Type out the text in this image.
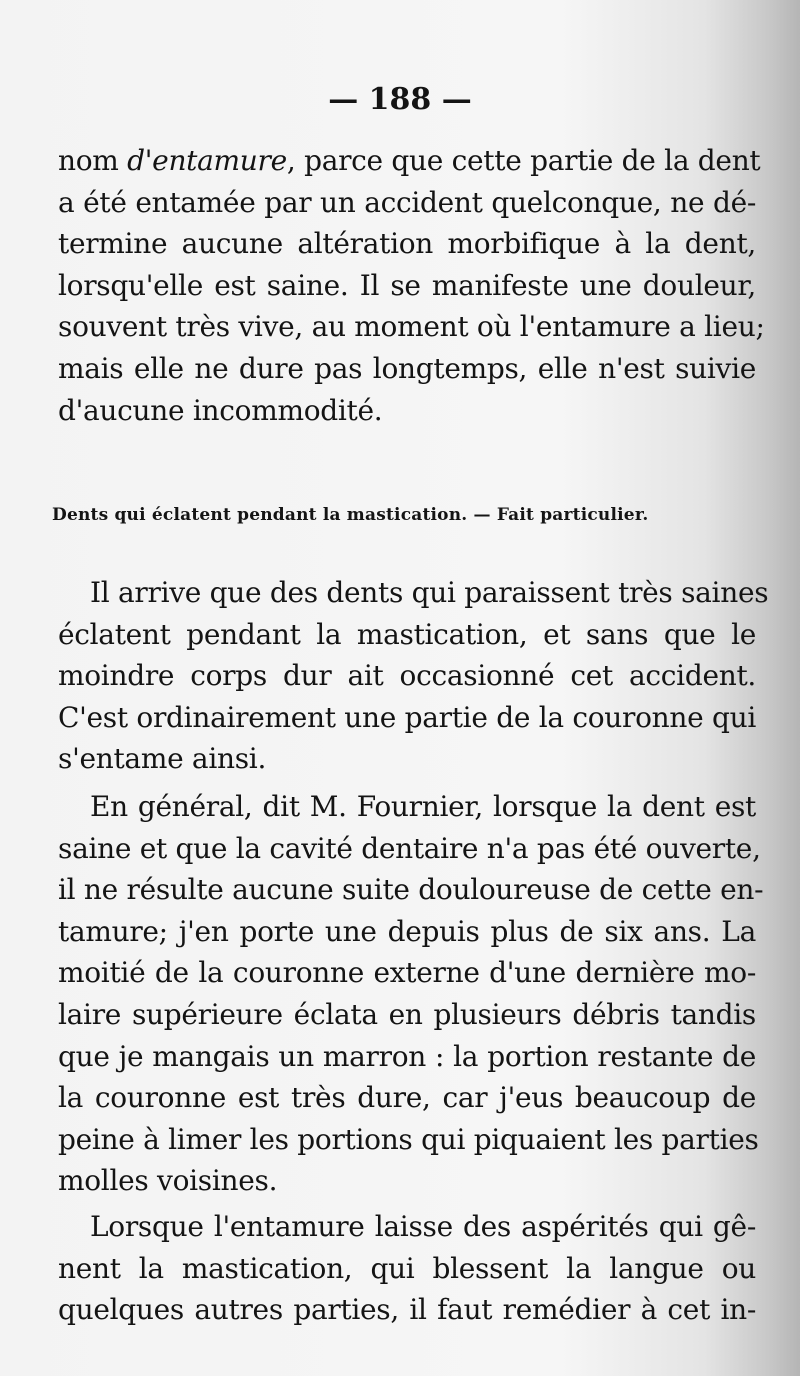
— 188 —

nom d'entamure, parce que cette partie de la dent
a été entamée par un accident quelconque, ne dé-
termine aucune altération morbifique à la dent,
lorsqu'elle est saine. Il se manifeste une douleur,
souvent très vive, au moment où l'entamure a lieu;
mais elle ne dure pas longtemps, elle n'est suivie
d'aucune incommodité.

Dents qui éclatent pendant la mastication. — Fait particulier.

Il arrive que des dents qui paraissent très saines
éclatent pendant la mastication, et sans que le
moindre corps dur ait occasionné cet accident.
C'est ordinairement une partie de la couronne qui
s'entame ainsi.

En général, dit M. Fournier, lorsque la dent est
saine et que la cavité dentaire n'a pas été ouverte,
il ne résulte aucune suite douloureuse de cette en-
tamure; j'en porte une depuis plus de six ans. La
moitié de la couronne externe d'une dernière mo-
laire supérieure éclata en plusieurs débris tandis
que je mangais un marron : la portion restante de
la couronne est très dure, car j'eus beaucoup de
peine à limer les portions qui piquaient les parties
molles voisines.

Lorsque l'entamure laisse des aspérités qui gê-
nent la mastication, qui blessent la langue ou
quelques autres parties, il faut remédier à cet in-
